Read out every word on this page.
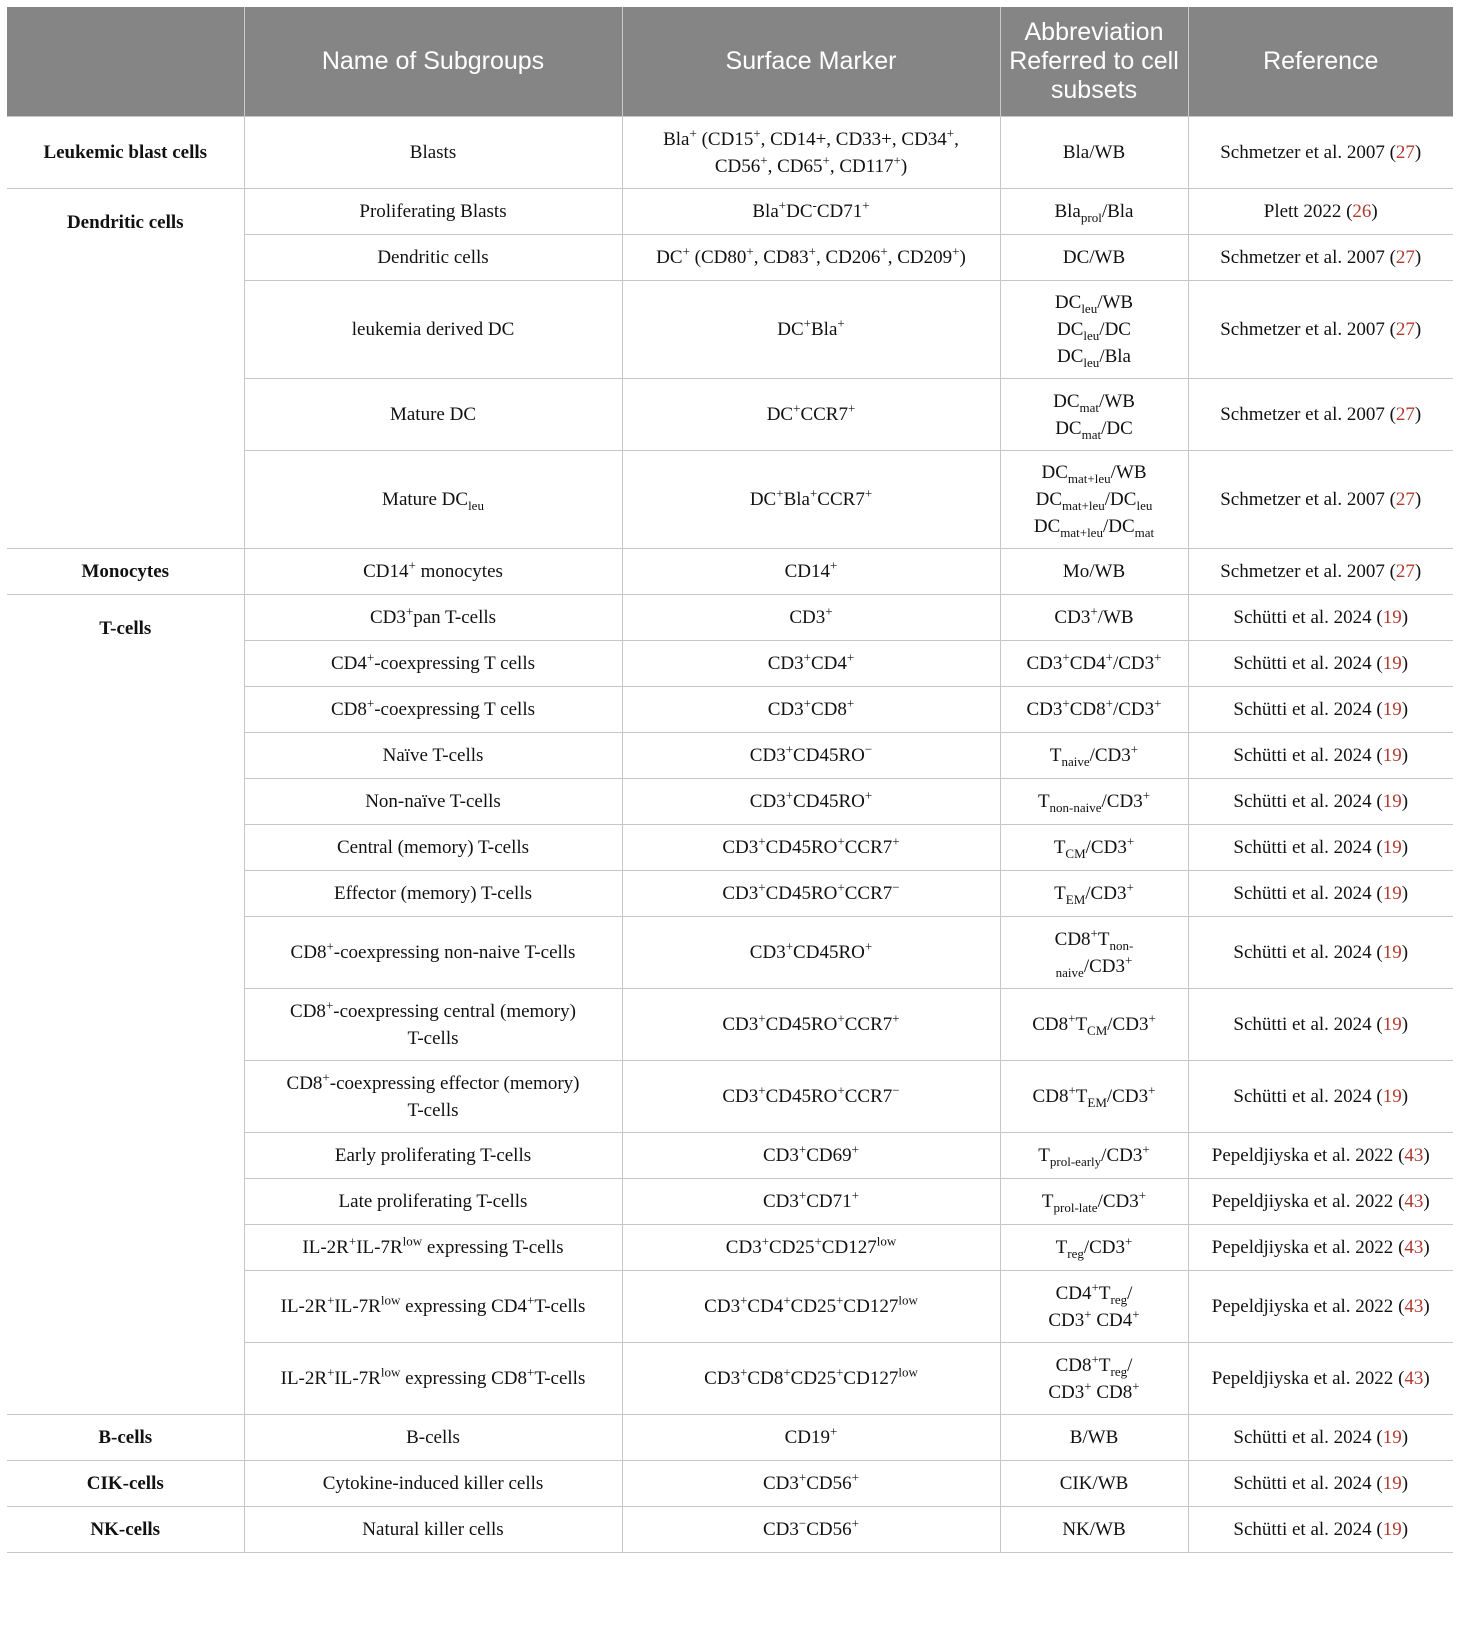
	Name of Subgroups	Surface Marker	Abbreviation Referred to cell subsets	Reference
Leukemic blast cells	Blasts	Bla+ (CD15+, CD14+, CD33+, CD34+,
CD56+, CD65+, CD117+)	Bla/WB	Schmetzer et al. 2007 (27)
Dendritic cells	Proliferating Blasts	Bla+DC-CD71+	Bla$_{prol}$/Bla	Plett 2022 (26)
	Dendritic cells	DC+ (CD80+, CD83+, CD206+, CD209+)	DC/WB	Schmetzer et al. 2007 (27)
	leukemia derived DC	DC+Bla+	$DC_{leu}/WB$
$DC_{leu}/DC$
$DC_{leu}$/Bla	Schmetzer et al. 2007 (27)
	Mature DC	DC+CCR7+	$DC_{mat}/WB$
$DC_{mat}/DC$	Schmetzer et al. 2007 (27)
	Mature $DC_{leu}$	DC+Bla+CCR7+	$DC_{mat+leu}/WB$
$DC_{mat+leu}/DC_{leu}$
$DC_{mat+leu}/DC_{mat}$	Schmetzer et al. 2007 (27)
Monocytes	CD14+ monocytes	CD14+	Mo/WB	Schmetzer et al. 2007 (27)
T-cells	CD3+pan T-cells	CD3+	CD3+/WB	Schütti et al. 2024 (19)
	CD4+-coexpressing T cells	CD3+CD4+	CD3+CD4+/CD3+	Schütti et al. 2024 (19)
	CD8+-coexpressing T cells	CD3+CD8+	CD3+CD8+/CD3+	Schütti et al. 2024 (19)
	Naïve T-cells	CD3+CD45RO−	$T_{naive}/CD3^+$	Schütti et al. 2024 (19)
	Non-naïve T-cells	CD3+CD45RO+	$T_{non-naive}/CD3^+$	Schütti et al. 2024 (19)
	Central (memory) T-cells	CD3+CD45RO+CCR7+	$T_{CM}/CD3^+$	Schütti et al. 2024 (19)
	Effector (memory) T-cells	CD3+CD45RO+CCR7−	$T_{EM}/CD3^+$	Schütti et al. 2024 (19)
	CD8+-coexpressing non-naive T-cells	CD3+CD45RO+	$CD8^+T_{non-}$
$_{naive}$/CD3+	Schütti et al. 2024 (19)
	CD8+-coexpressing central (memory)
T-cells	CD3+CD45RO+CCR7+	$CD8^+T_{CM}/CD3^+$	Schütti et al. 2024 (19)
	CD8+-coexpressing effector (memory)
T-cells	CD3+CD45RO+CCR7−	$CD8^+T_{EM}/CD3^+$	Schütti et al. 2024 (19)
	Early proliferating T-cells	CD3+CD69+	$T_{prol-early}/CD3^+$	Pepeldjiyska et al. 2022 (43)
	Late proliferating T-cells	CD3+CD71+	$T_{prol-late}/CD3^+$	Pepeldjiyska et al. 2022 (43)
	$IL-2R^+IL-7R^{low}$ expressing T-cells	$CD3^+CD25^+CD127^{low}$	$T_{reg}/CD3^+$	Pepeldjiyska et al. 2022 (43)
	$IL-2R^+IL-7R^{low}$ expressing CD4+T-cells	$CD3^+CD4^+CD25^+CD127^{low}$	$CD4^+T_{reg}/$
CD3+ CD4+	Pepeldjiyska et al. 2022 (43)
	$IL-2R^+IL-7R^{low}$ expressing CD8+T-cells	$CD3^+CD8^+CD25^+CD127^{low}$	$CD8^+T_{reg}/$
CD3+ CD8+	Pepeldjiyska et al. 2022 (43)
B-cells	B-cells	CD19+	B/WB	Schütti et al. 2024 (19)
CIK-cells	Cytokine-induced killer cells	CD3+CD56+	CIK/WB	Schütti et al. 2024 (19)
NK-cells	Natural killer cells	CD3−CD56+	NK/WB	Schütti et al. 2024 (19)
